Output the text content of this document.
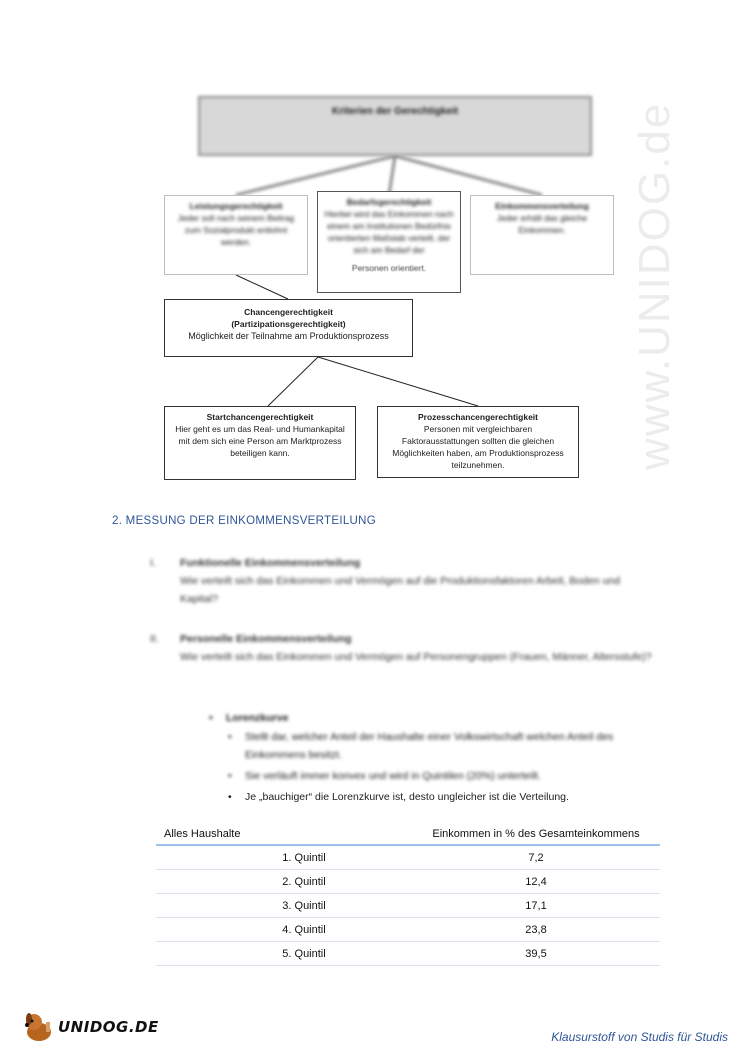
www.UNIDOG.de
Kriterien der Gerechtigkeit
Leistungsgerechtigkeit
Jeder soll nach seinem Beitrag zum Sozialprodukt entlohnt werden.
Bedarfsgerechtigkeit
Hierbei wird das Einkommen nach einem am Institutionen Bedürfnis orientierten Maßstab verteilt, der sich am Bedarf der
Personen orientiert.
Einkommensverteilung
Jeder erhält das gleiche Einkommen.
Chancengerechtigkeit
(Partizipationsgerechtigkeit)
Möglichkeit der Teilnahme am Produktionsprozess
Startchancengerechtigkeit
Hier geht es um das Real- und Humankapital mit dem sich eine Person am Marktprozess beteiligen kann.
Prozesschancengerechtigkeit
Personen mit vergleichbaren Faktorausstattungen sollten die gleichen Möglichkeiten haben, am Produktionsprozess teilzunehmen.
2. MESSUNG DER EINKOMMENSVERTEILUNG
I. Funktionelle Einkommensverteilung
Wie verteilt sich das Einkommen und Vermögen auf die Produktionsfaktoren Arbeit, Boden und Kapital?
II. Personelle Einkommensverteilung
Wie verteilt sich das Einkommen und Vermögen auf Personengruppen (Frauen, Männer, Altersstufe)?
• Lorenzkurve
• Stellt dar, welcher Anteil der Haushalte einer Volkswirtschaft welchen Anteil des Einkommens besitzt.
• Sie verläuft immer konvex und wird in Quintilen (20%) unterteilt.
• Je „bauchiger“ die Lorenzkurve ist, desto ungleicher ist die Verteilung.
Alles Haushalte	Einkommen in % des Gesamteinkommens
1. Quintil	7,2
2. Quintil	12,4
3. Quintil	17,1
4. Quintil	23,8
5. Quintil	39,5
UNIDOG.DE
Klausurstoff von Studis für Studis
